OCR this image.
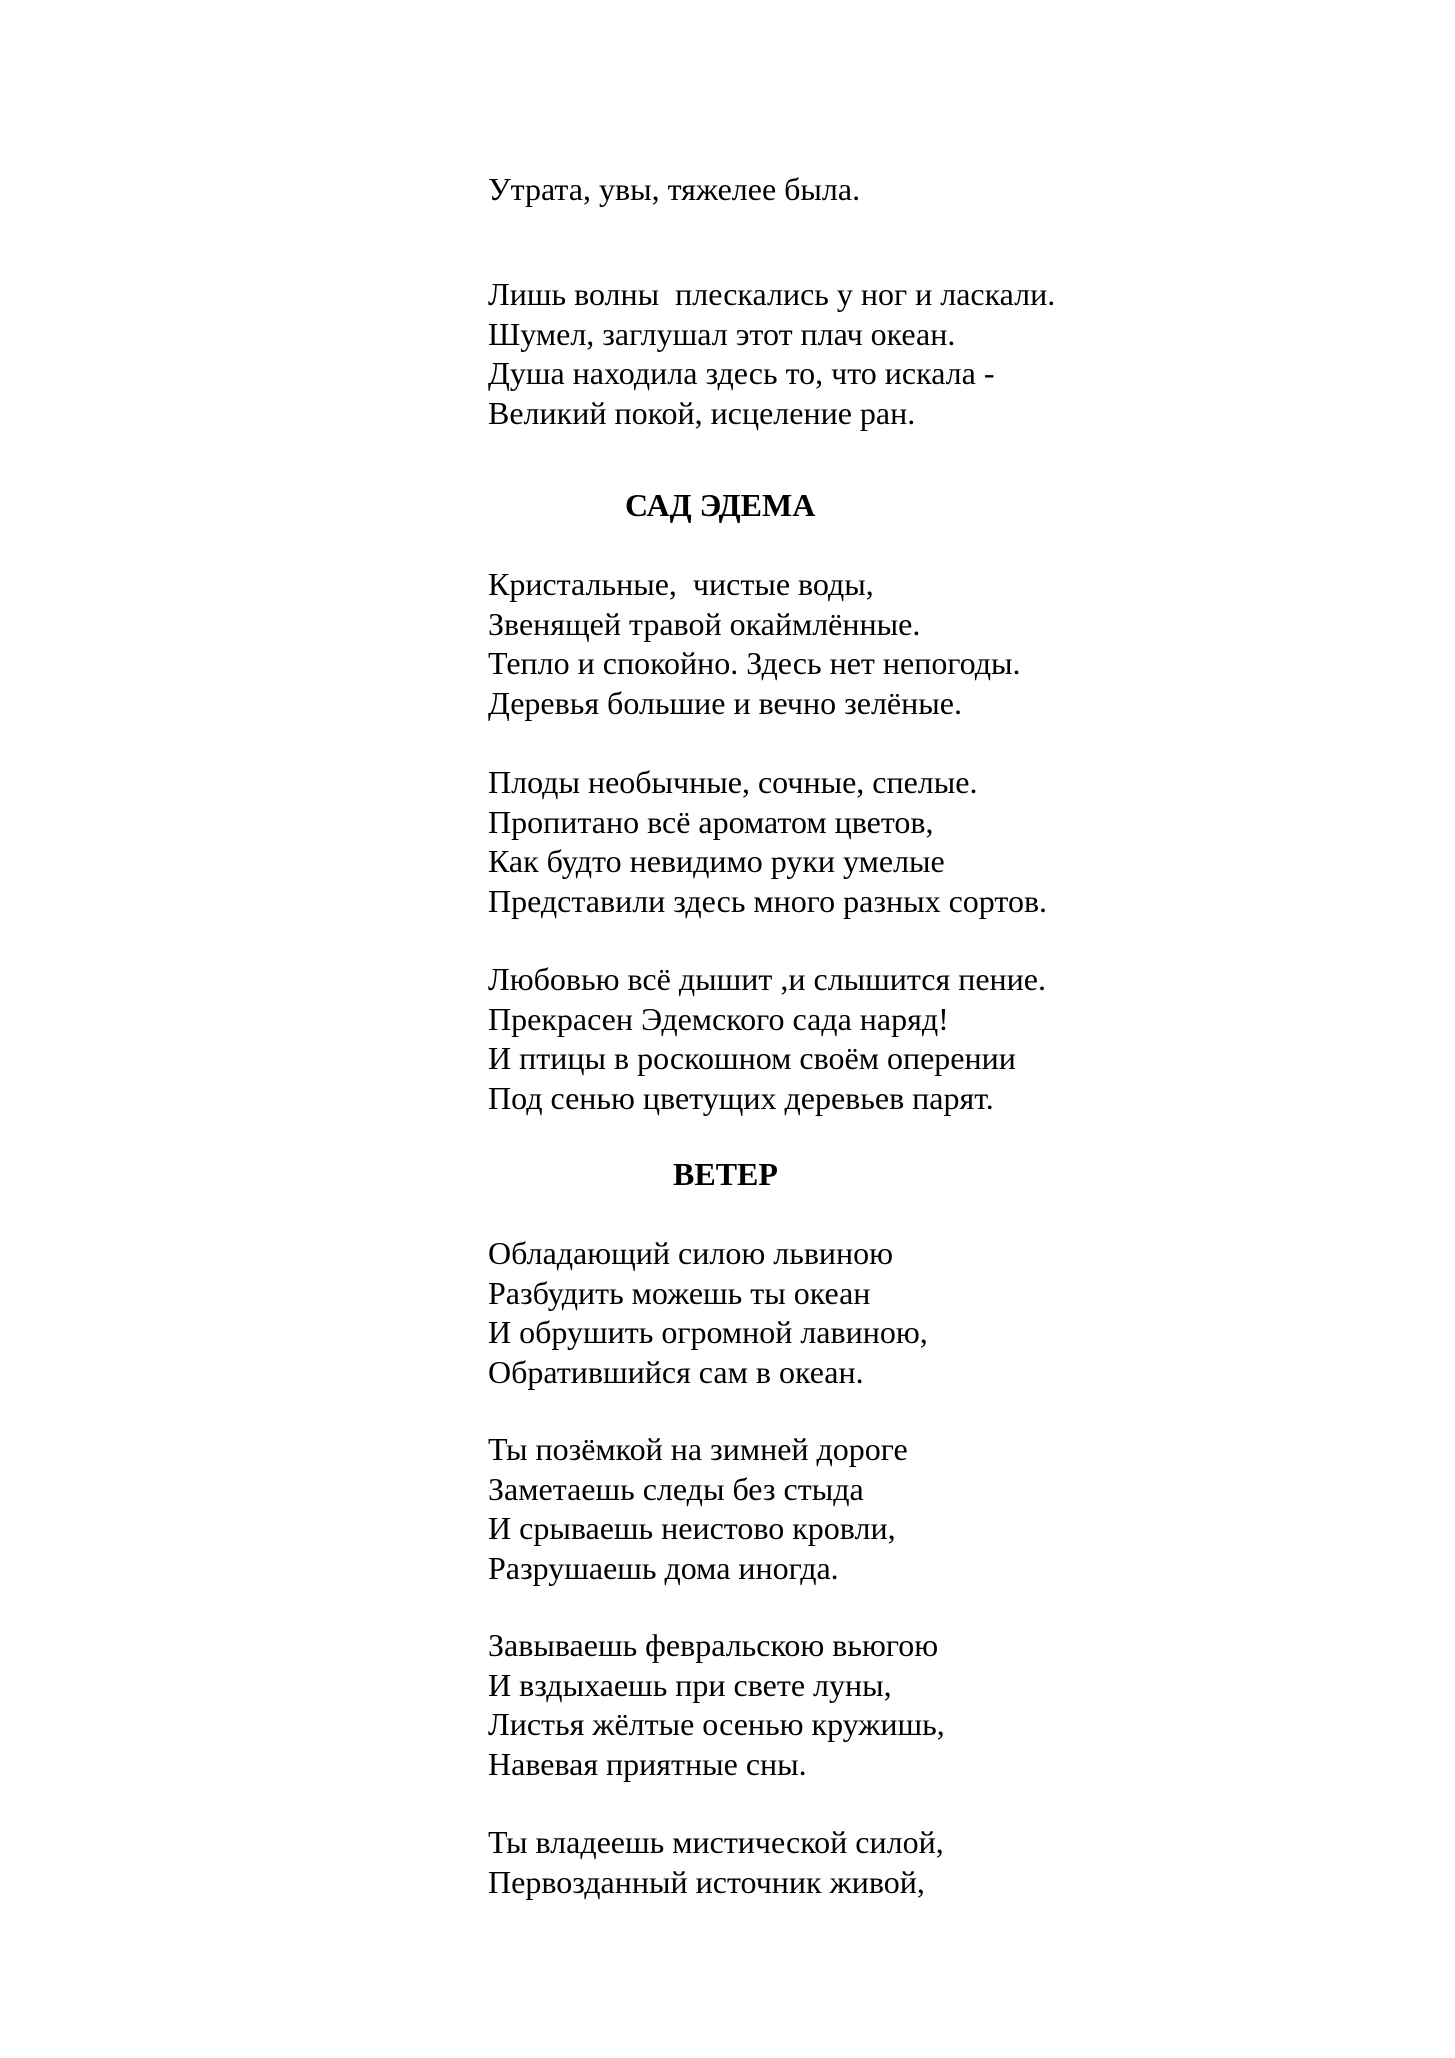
Утрата, увы, тяжелее была.
Лишь волны  плескались у ног и ласкали.
Шумел, заглушал этот плач океан.
Душа находила здесь то, что искала -
Великий покой, исцеление ран.
САД ЭДЕМА
Кристальные,  чистые воды,
Звенящей травой окаймлённые.
Тепло и спокойно. Здесь нет непогоды.
Деревья большие и вечно зелёные.
Плоды необычные, сочные, спелые.
Пропитано всё ароматом цветов,
Как будто невидимо руки умелые
Представили здесь много разных сортов.
Любовью всё дышит ,и слышится пение.
Прекрасен Эдемского сада наряд!
И птицы в роскошном своём оперении
Под сенью цветущих деревьев парят.
ВЕТЕР
Обладающий силою львиною
Разбудить можешь ты океан
И обрушить огромной лавиною,
Обратившийся сам в океан.
Ты позёмкой на зимней дороге
Заметаешь следы без стыда
И срываешь неистово кровли,
Разрушаешь дома иногда.
Завываешь февральскою вьюгою
И вздыхаешь при свете луны,
Листья жёлтые осенью кружишь,
Навевая приятные сны.
Ты владеешь мистической силой,
Первозданный источник живой,
